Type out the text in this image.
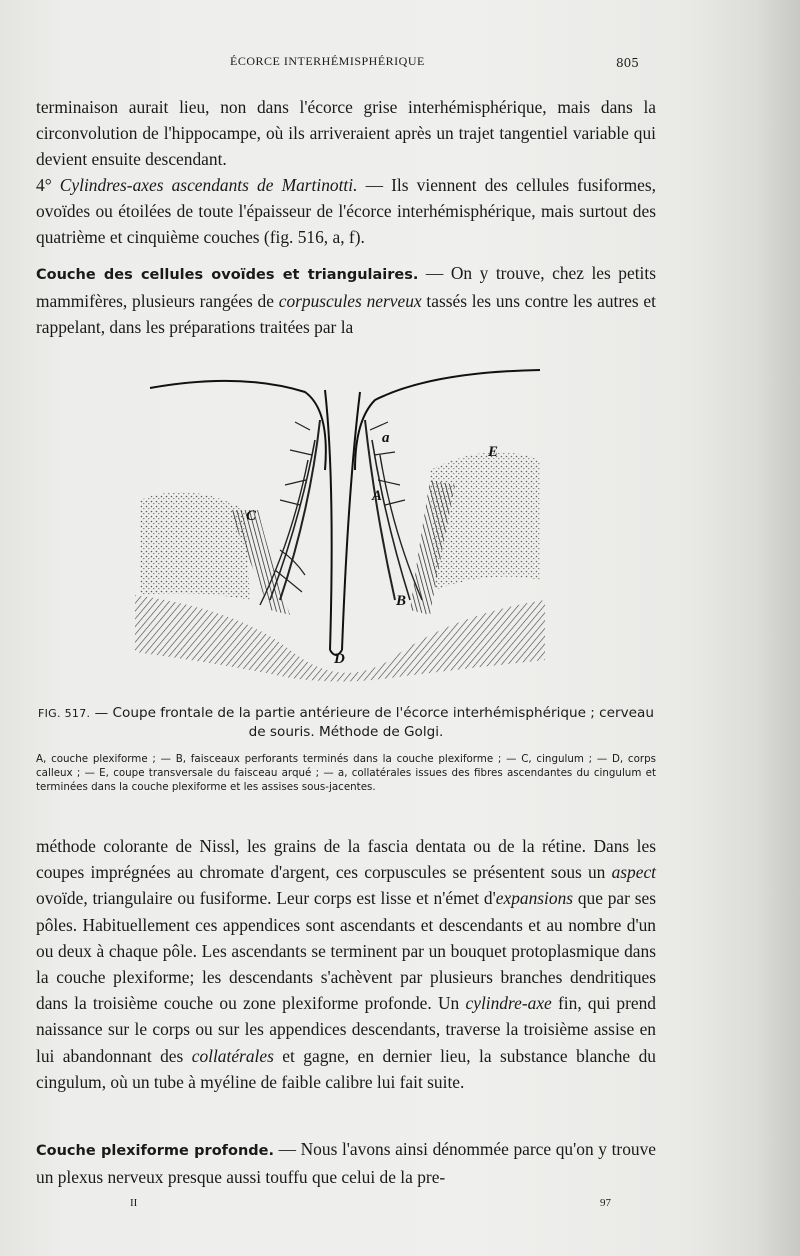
ÉCORCE INTERHÉMISPHÉRIQUE	805

terminaison aurait lieu, non dans l'écorce grise interhémisphérique, mais dans la circonvolution de l'hippocampe, où ils arriveraient après un trajet tangentiel variable qui devient ensuite descendant.

4° Cylindres-axes ascendants de Martinotti. — Ils viennent des cellules fusiformes, ovoïdes ou étoilées de toute l'épaisseur de l'écorce interhémisphérique, mais surtout des quatrième et cinquième couches (fig. 516, a, f).

Couche des cellules ovoïdes et triangulaires. — On y trouve, chez les petits mammifères, plusieurs rangées de corpuscules nerveux tassés les uns contre les autres et rappelant, dans les préparations traitées par la

a
A
B
C
D
E
FIG. 517. — Coupe frontale de la partie antérieure de l'écorce interhémisphérique ; cerveau de souris. Méthode de Golgi.
A, couche plexiforme ; — B, faisceaux perforants terminés dans la couche plexiforme ; — C, cingulum ; — D, corps calleux ; — E, coupe transversale du faisceau arqué ; — a, collatérales issues des fibres ascendantes du cingulum et terminées dans la couche plexiforme et les assises sous-jacentes.

méthode colorante de Nissl, les grains de la fascia dentata ou de la rétine. Dans les coupes imprégnées au chromate d'argent, ces corpuscules se présentent sous un aspect ovoïde, triangulaire ou fusiforme. Leur corps est lisse et n'émet d'expansions que par ses pôles. Habituellement ces appendices sont ascendants et descendants et au nombre d'un ou deux à chaque pôle. Les ascendants se terminent par un bouquet protoplasmique dans la couche plexiforme; les descendants s'achèvent par plusieurs branches dendritiques dans la troisième couche ou zone plexiforme profonde. Un cylindre-axe fin, qui prend naissance sur le corps ou sur les appendices descendants, traverse la troisième assise en lui abandonnant des collatérales et gagne, en dernier lieu, la substance blanche du cingulum, où un tube à myéline de faible calibre lui fait suite.

Couche plexiforme profonde. — Nous l'avons ainsi dénommée parce qu'on y trouve un plexus nerveux presque aussi touffu que celui de la pre-

II	97
